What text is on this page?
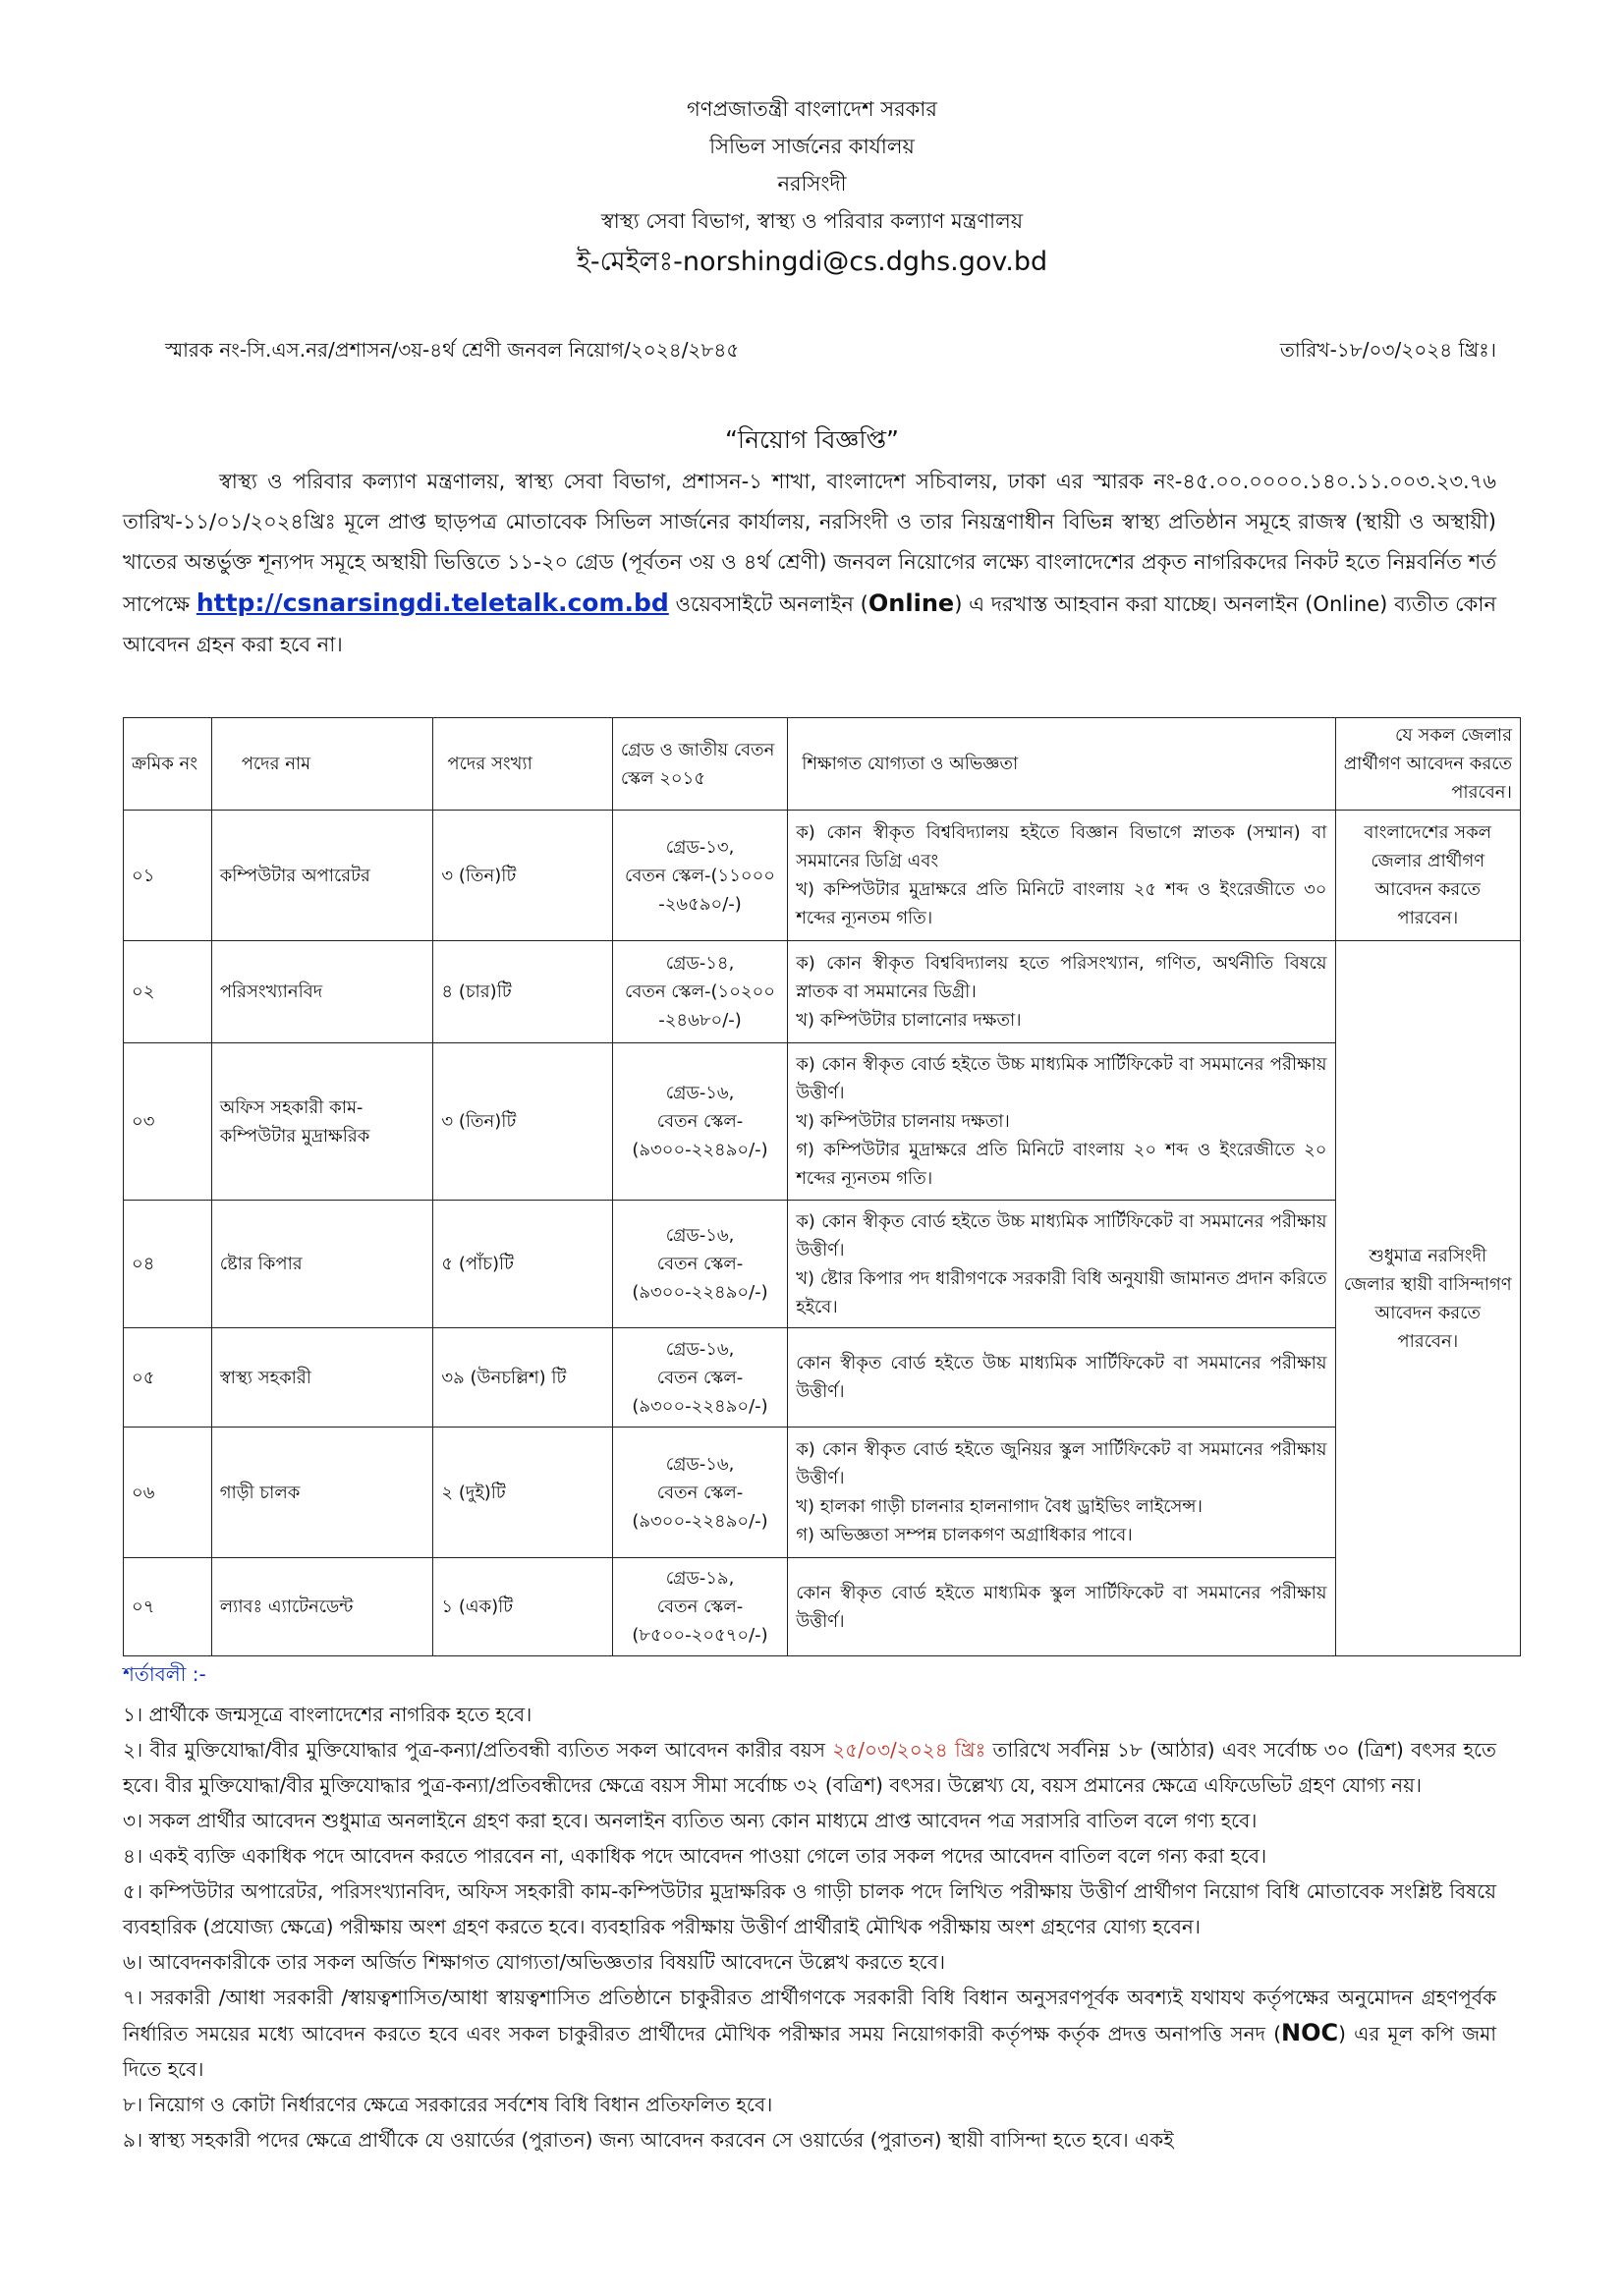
গণপ্রজাতন্ত্রী বাংলাদেশ সরকার
সিভিল সার্জনের কার্যালয়
নরসিংদী
স্বাস্থ্য সেবা বিভাগ, স্বাস্থ্য ও পরিবার কল্যাণ মন্ত্রণালয়
ই-মেইলঃ-norshingdi@cs.dghs.gov.bd
স্মারক নং-সি.এস.নর/প্রশাসন/৩য়-৪র্থ শ্রেণী জনবল নিয়োগ/২০২৪/২৮৪৫	তারিখ-১৮/০৩/২০২৪ খ্রিঃ।
“নিয়োগ বিজ্ঞপ্তি”
স্বাস্থ্য ও পরিবার কল্যাণ মন্ত্রণালয়, স্বাস্থ্য সেবা বিভাগ, প্রশাসন-১ শাখা, বাংলাদেশ সচিবালয়, ঢাকা এর স্মারক নং-৪৫.০০.০০০০.১৪০.১১.০০৩.২৩.৭৬ তারিখ-১১/০১/২০২৪খ্রিঃ মূলে প্রাপ্ত ছাড়পত্র মোতাবেক সিভিল সার্জনের কার্যালয়, নরসিংদী ও তার নিয়ন্ত্রণাধীন বিভিন্ন স্বাস্থ্য প্রতিষ্ঠান সমূহে রাজস্ব (স্থায়ী ও অস্থায়ী) খাতের অন্তর্ভুক্ত শূন্যপদ সমূহে অস্থায়ী ভিত্তিতে ১১-২০ গ্রেড (পূর্বতন ৩য় ও ৪র্থ শ্রেণী) জনবল নিয়োগের লক্ষ্যে বাংলাদেশের প্রকৃত নাগরিকদের নিকট হতে নিম্নবর্নিত শর্ত সাপেক্ষে http://csnarsingdi.teletalk.com.bd ওয়েবসাইটে অনলাইন (Online) এ দরখাস্ত আহবান করা যাচ্ছে। অনলাইন (Online) ব্যতীত কোন আবেদন গ্রহন করা হবে না।
ক্রমিক নং	পদের নাম	পদের সংখ্যা	গ্রেড ও জাতীয় বেতন স্কেল ২০১৫	শিক্ষাগত যোগ্যতা ও অভিজ্ঞতা	যে সকল জেলার প্রার্থীগণ আবেদন করতে পারবেন।
০১	কম্পিউটার অপারেটর	৩ (তিন)টি	গ্রেড-১৩,
বেতন স্কেল-(১১০০০ -২৬৫৯০/-)	ক) কোন স্বীকৃত বিশ্ববিদ্যালয় হইতে বিজ্ঞান বিভাগে স্নাতক (সম্মান) বা সমমানের ডিগ্রি এবং
খ) কম্পিউটার মুদ্রাক্ষরে প্রতি মিনিটে বাংলায় ২৫ শব্দ ও ইংরেজীতে ৩০ শব্দের ন্যূনতম গতি।	বাংলাদেশের সকল জেলার প্রার্থীগণ আবেদন করতে পারবেন।
০২	পরিসংখ্যানবিদ	৪ (চার)টি	গ্রেড-১৪,
বেতন স্কেল-(১০২০০ -২৪৬৮০/-)	ক) কোন স্বীকৃত বিশ্ববিদ্যালয় হতে পরিসংখ্যান, গণিত, অর্থনীতি বিষয়ে স্নাতক বা সমমানের ডিগ্রী।
খ) কম্পিউটার চালানোর দক্ষতা।	শুধুমাত্র নরসিংদী জেলার স্থায়ী বাসিন্দাগণ আবেদন করতে পারবেন।
০৩	অফিস সহকারী কাম-কম্পিউটার মুদ্রাক্ষরিক	৩ (তিন)টি	গ্রেড-১৬,
বেতন স্কেল-(৯৩০০-২২৪৯০/-)	ক) কোন স্বীকৃত বোর্ড হইতে উচ্চ মাধ্যমিক সার্টিফিকেট বা সমমানের পরীক্ষায় উত্তীর্ণ।
খ) কম্পিউটার চালনায় দক্ষতা।
গ) কম্পিউটার মুদ্রাক্ষরে প্রতি মিনিটে বাংলায় ২০ শব্দ ও ইংরেজীতে ২০ শব্দের ন্যূনতম গতি।	

০৪	ষ্টোর কিপার	৫ (পাঁচ)টি	গ্রেড-১৬,
বেতন স্কেল-(৯৩০০-২২৪৯০/-)	ক) কোন স্বীকৃত বোর্ড হইতে উচ্চ মাধ্যমিক সার্টিফিকেট বা সমমানের পরীক্ষায় উত্তীর্ণ।
খ) ষ্টোর কিপার পদ ধারীগণকে সরকারী বিধি অনুযায়ী জামানত প্রদান করিতে হইবে।	

০৫	স্বাস্থ্য সহকারী	৩৯ (উনচল্লিশ) টি	গ্রেড-১৬,
বেতন স্কেল-(৯৩০০-২২৪৯০/-)	কোন স্বীকৃত বোর্ড হইতে উচ্চ মাধ্যমিক সার্টিফিকেট বা সমমানের পরীক্ষায় উত্তীর্ণ।	

০৬	গাড়ী চালক	২ (দুই)টি	গ্রেড-১৬,
বেতন স্কেল-(৯৩০০-২২৪৯০/-)	ক) কোন স্বীকৃত বোর্ড হইতে জুনিয়র স্কুল সার্টিফিকেট বা সমমানের পরীক্ষায় উত্তীর্ণ।
খ) হালকা গাড়ী চালনার হালনাগাদ বৈধ ড্রাইভিং লাইসেন্স।
গ) অভিজ্ঞতা সম্পন্ন চালকগণ অগ্রাধিকার পাবে।	

০৭	ল্যাবঃ এ্যাটেনডেন্ট	১ (এক)টি	গ্রেড-১৯,
বেতন স্কেল-(৮৫০০-২০৫৭০/-)	কোন স্বীকৃত বোর্ড হইতে মাধ্যমিক স্কুল সার্টিফিকেট বা সমমানের পরীক্ষায় উত্তীর্ণ।	
শর্তাবলী :-

১। প্রার্থীকে জন্মসূত্রে বাংলাদেশের নাগরিক হতে হবে।

২। বীর মুক্তিযোদ্ধা/বীর মুক্তিযোদ্ধার পুত্র-কন্যা/প্রতিবন্ধী ব্যতিত সকল আবেদন কারীর বয়স ২৫/০৩/২০২৪ খ্রিঃ তারিখে সর্বনিম্ন ১৮ (আঠার) এবং সর্বোচ্চ ৩০ (ত্রিশ) বৎসর হতে হবে। বীর মুক্তিযোদ্ধা/বীর মুক্তিযোদ্ধার পুত্র-কন্যা/প্রতিবন্ধীদের ক্ষেত্রে বয়স সীমা সর্বোচ্চ ৩২ (বত্রিশ) বৎসর। উল্লেখ্য যে, বয়স প্রমানের ক্ষেত্রে এফিডেভিট গ্রহণ যোগ্য নয়।

৩। সকল প্রার্থীর আবেদন শুধুমাত্র অনলাইনে গ্রহণ করা হবে। অনলাইন ব্যতিত অন্য কোন মাধ্যমে প্রাপ্ত আবেদন পত্র সরাসরি বাতিল বলে গণ্য হবে।

৪। একই ব্যক্তি একাধিক পদে আবেদন করতে পারবেন না, একাধিক পদে আবেদন পাওয়া গেলে তার সকল পদের আবেদন বাতিল বলে গন্য করা হবে।

৫। কম্পিউটার অপারেটর, পরিসংখ্যানবিদ, অফিস সহকারী কাম-কম্পিউটার মুদ্রাক্ষরিক ও গাড়ী চালক পদে লিখিত পরীক্ষায় উত্তীর্ণ প্রার্থীগণ নিয়োগ বিধি মোতাবেক সংশ্লিষ্ট বিষয়ে ব্যবহারিক (প্রযোজ্য ক্ষেত্রে) পরীক্ষায় অংশ গ্রহণ করতে হবে। ব্যবহারিক পরীক্ষায় উত্তীর্ণ প্রার্থীরাই মৌখিক পরীক্ষায় অংশ গ্রহণের যোগ্য হবেন।

৬। আবেদনকারীকে তার সকল অর্জিত শিক্ষাগত যোগ্যতা/অভিজ্ঞতার বিষয়টি আবেদনে উল্লেখ করতে হবে।

৭। সরকারী /আধা সরকারী /স্বায়ত্বশাসিত/আধা স্বায়ত্বশাসিত প্রতিষ্ঠানে চাকুরীরত প্রার্থীগণকে সরকারী বিধি বিধান অনুসরণপূর্বক অবশ্যই যথাযথ কর্তৃপক্ষের অনুমোদন গ্রহণপূর্বক নির্ধারিত সময়ের মধ্যে আবেদন করতে হবে এবং সকল চাকুরীরত প্রার্থীদের মৌখিক পরীক্ষার সময় নিয়োগকারী কর্তৃপক্ষ কর্তৃক প্রদত্ত অনাপত্তি সনদ (NOC) এর মূল কপি জমা দিতে হবে।

৮। নিয়োগ ও কোটা নির্ধারণের ক্ষেত্রে সরকারের সর্বশেষ বিধি বিধান প্রতিফলিত হবে।

৯। স্বাস্থ্য সহকারী পদের ক্ষেত্রে প্রার্থীকে যে ওয়ার্ডের (পুরাতন) জন্য আবেদন করবেন সে ওয়ার্ডের (পুরাতন) স্থায়ী বাসিন্দা হতে হবে। একই
